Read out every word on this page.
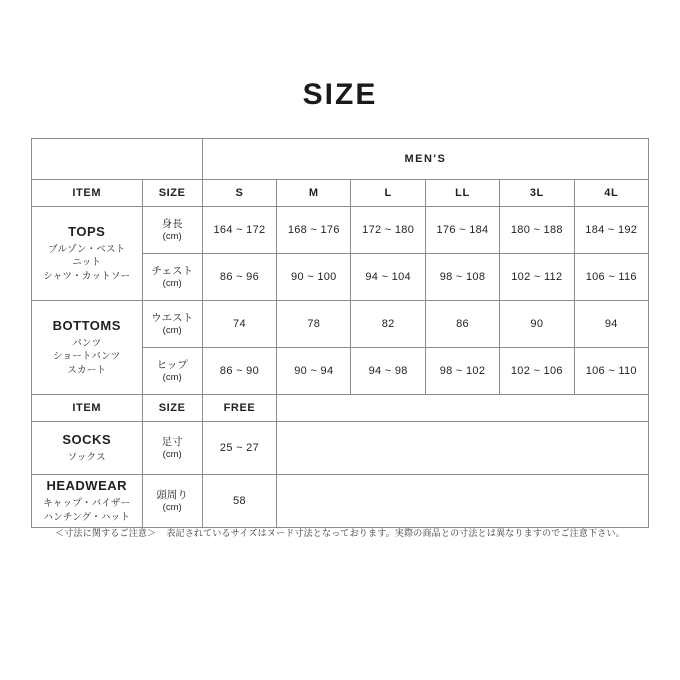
SIZE
		MEN'S					
ITEM	SIZE	S	M	L	LL	3L	4L

TOPS
ブルゾン・ベスト
ニット
シャツ・カットソー	身長
(cm)	164 ~ 172	168 ~ 176	172 ~ 180	176 ~ 184	180 ~ 188	184 ~ 192

	チェスト
(cm)	86 ~ 96	90 ~ 100	94 ~ 104	98 ~ 108	102 ~ 112	106 ~ 116

BOTTOMS
パンツ
ショートパンツ
スカート	ウエスト
(cm)	74	78	82	86	90	94

	ヒップ
(cm)	86 ~ 90	90 ~ 94	94 ~ 98	98 ~ 102	102 ~ 106	106 ~ 110
ITEM	SIZE	FREE					

SOCKS
ソックス	足寸
(cm)	25 ~ 27					

HEADWEAR
キャップ・バイザー
ハンチング・ハット	頭周り
(cm)	58					
＜寸法に関するご注意＞ 表記されているサイズはヌード寸法となっております。実際の商品との寸法とは異なりますのでご注意下さい。
